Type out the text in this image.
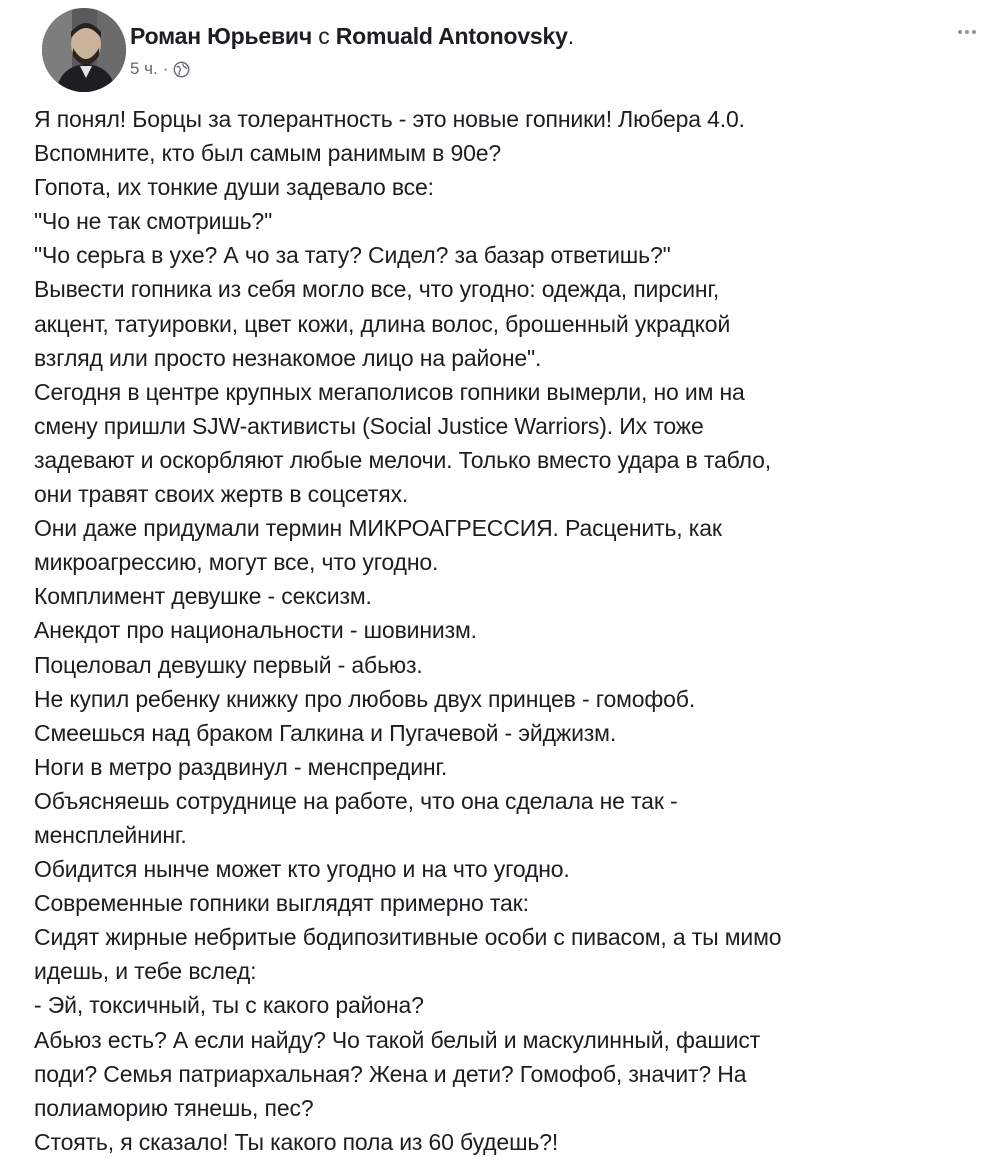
Роман Юрьевич с Romuald Antonovsky.
5 ч. ·
Я понял! Борцы за толерантность - это новые гопники! Любера 4.0.
Вспомните, кто был самым ранимым в 90е?
Гопота, их тонкие души задевало все:
"Чо не так смотришь?"
"Чо серьга в ухе? А чо за тату? Сидел? за базар ответишь?"
Вывести гопника из себя могло все, что угодно: одежда, пирсинг,
акцент, татуировки, цвет кожи, длина волос, брошенный украдкой
взгляд или просто незнакомое лицо на районе".
Сегодня в центре крупных мегаполисов гопники вымерли, но им на
смену пришли SJW-активисты (Social Justice Warriors). Их тоже
задевают и оскорбляют любые мелочи. Только вместо удара в табло,
они травят своих жертв в соцсетях.
Они даже придумали термин МИКРОАГРЕССИЯ. Расценить, как
микроагрессию, могут все, что угодно.
Комплимент девушке - сексизм.
Анекдот про национальности - шовинизм.
Поцеловал девушку первый - абьюз.
Не купил ребенку книжку про любовь двух принцев - гомофоб.
Смеешься над браком Галкина и Пугачевой - эйджизм.
Ноги в метро раздвинул - менспрединг.
Объясняешь сотруднице на работе, что она сделала не так -
менсплейнинг.
Обидится нынче может кто угодно и на что угодно.
Современные гопники выглядят примерно так:
Сидят жирные небритые бодипозитивные особи с пивасом, а ты мимо
идешь, и тебе вслед:
- Эй, токсичный, ты с какого района?
Абьюз есть? А если найду? Чо такой белый и маскулинный, фашист
поди? Семья патриархальная? Жена и дети? Гомофоб, значит? На
полиаморию тянешь, пес?
Стоять, я сказало! Ты какого пола из 60 будешь?!
